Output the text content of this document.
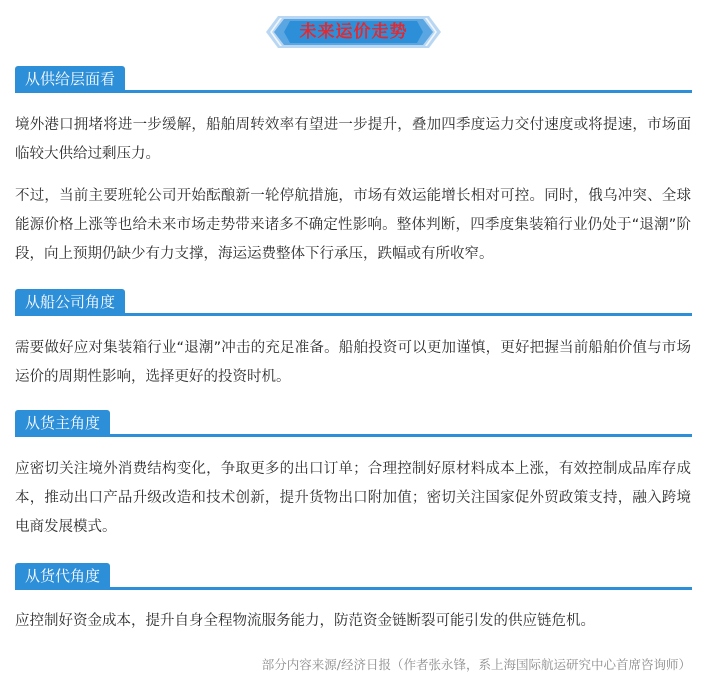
未来运价走势
从供给层面看

境外港口拥堵将进一步缓解，船舶周转效率有望进一步提升，叠加四季度运力交付速度或将提速，市场面临较大供给过剩压力。

不过，当前主要班轮公司开始酝酿新一轮停航措施，市场有效运能增长相对可控。同时，俄乌冲突、全球能源价格上涨等也给未来市场走势带来诸多不确定性影响。整体判断，四季度集装箱行业仍处于“退潮”阶段，向上预期仍缺少有力支撑，海运运费整体下行承压，跌幅或有所收窄。

从船公司角度

需要做好应对集装箱行业“退潮”冲击的充足准备。船舶投资可以更加谨慎，更好把握当前船舶价值与市场运价的周期性影响，选择更好的投资时机。

从货主角度

应密切关注境外消费结构变化，争取更多的出口订单；合理控制好原材料成本上涨，有效控制成品库存成本，推动出口产品升级改造和技术创新，提升货物出口附加值；密切关注国家促外贸政策支持，融入跨境电商发展模式。

从货代角度

应控制好资金成本，提升自身全程物流服务能力，防范资金链断裂可能引发的供应链危机。

部分内容来源/经济日报（作者张永锋，系上海国际航运研究中心首席咨询师）
